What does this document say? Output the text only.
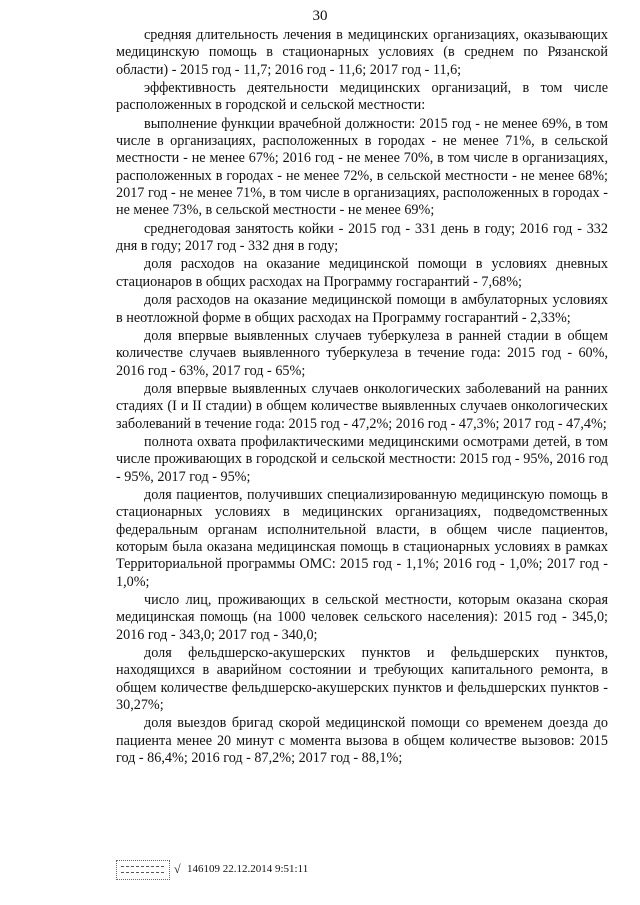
30

средняя длительность лечения в медицинских организациях, оказывающих медицинскую помощь в стационарных условиях (в среднем по Рязанской области) - 2015 год - 11,7; 2016 год - 11,6; 2017 год - 11,6;

эффективность деятельности медицинских организаций, в том числе расположенных в городской и сельской местности:

выполнение функции врачебной должности: 2015 год - не менее 69%, в том числе в организациях, расположенных в городах - не менее 71%, в сельской местности - не менее 67%; 2016 год - не менее 70%, в том числе в организациях, расположенных в городах - не менее 72%, в сельской местности - не менее 68%; 2017 год - не менее 71%, в том числе в организациях, расположенных в городах - не менее 73%, в сельской местности - не менее 69%;

среднегодовая занятость койки - 2015 год - 331 день в году; 2016 год - 332 дня в году; 2017 год - 332 дня в году;

доля расходов на оказание медицинской помощи в условиях дневных стационаров в общих расходах на Программу госгарантий - 7,68%;

доля расходов на оказание медицинской помощи в амбулаторных условиях в неотложной форме в общих расходах на Программу госгарантий - 2,33%;

доля впервые выявленных случаев туберкулеза в ранней стадии в общем количестве случаев выявленного туберкулеза в течение года: 2015 год - 60%, 2016 год - 63%, 2017 год - 65%;

доля впервые выявленных случаев онкологических заболеваний на ранних стадиях (I и II стадии) в общем количестве выявленных случаев онкологических заболеваний в течение года: 2015 год - 47,2%; 2016 год - 47,3%; 2017 год - 47,4%;

полнота охвата профилактическими медицинскими осмотрами детей, в том числе проживающих в городской и сельской местности: 2015 год - 95%, 2016 год - 95%, 2017 год - 95%;

доля пациентов, получивших специализированную медицинскую помощь в стационарных условиях в медицинских организациях, подведомственных федеральным органам исполнительной власти, в общем числе пациентов, которым была оказана медицинская помощь в стационарных условиях в рамках Территориальной программы ОМС: 2015 год - 1,1%; 2016 год - 1,0%; 2017 год - 1,0%;

число лиц, проживающих в сельской местности, которым оказана скорая медицинская помощь (на 1000 человек сельского населения): 2015 год - 345,0; 2016 год - 343,0; 2017 год - 340,0;

доля фельдшерско-акушерских пунктов и фельдшерских пунктов, находящихся в аварийном состоянии и требующих капитального ремонта, в общем количестве фельдшерско-акушерских пунктов и фельдшерских пунктов - 30,27%;

доля выездов бригад скорой медицинской помощи со временем доезда до пациента менее 20 минут с момента вызова в общем количестве вызовов: 2015 год - 86,4%; 2016 год - 87,2%; 2017 год - 88,1%;

√ 146109 22.12.2014 9:51:11
